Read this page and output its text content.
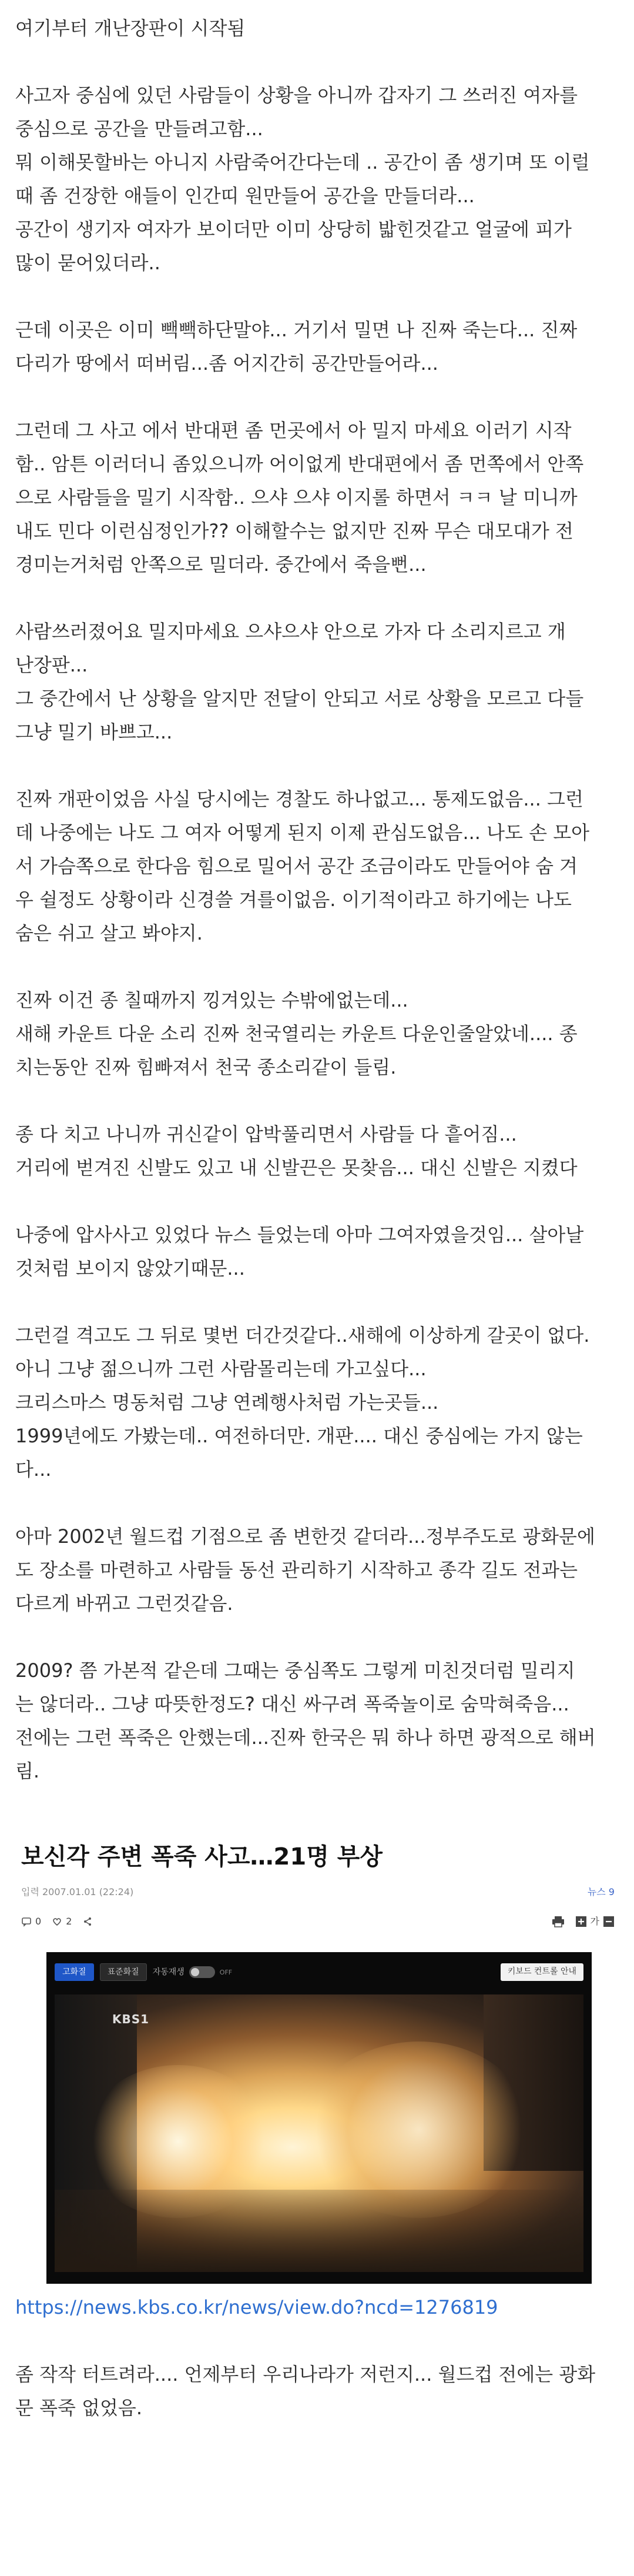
여기부터 개난장판이 시작됨
사고자 중심에 있던 사람들이 상황을 아니까 갑자기 그 쓰러진 여자를
중심으로 공간을 만들려고함...
뭐 이해못할바는 아니지 사람죽어간다는데 .. 공간이 좀 생기며 또 이럴
때 좀 건장한 애들이 인간띠 원만들어 공간을 만들더라...
공간이 생기자 여자가 보이더만 이미 상당히 밟힌것같고 얼굴에 피가
많이 묻어있더라..
근데 이곳은 이미 빽빽하단말야... 거기서 밀면 나 진짜 죽는다... 진짜
다리가 땅에서 떠버림...좀 어지간히 공간만들어라...
그런데 그 사고 에서 반대편 좀 먼곳에서 아 밀지 마세요 이러기 시작
함.. 암튼 이러더니 좀있으니까 어이없게 반대편에서 좀 먼쪽에서 안쪽
으로 사람들을 밀기 시작함.. 으샤 으샤 이지롤 하면서 ㅋㅋ 날 미니까
내도 민다 이런심정인가?? 이해할수는 없지만 진짜 무슨 대모대가 전
경미는거처럼 안쪽으로 밀더라. 중간에서 죽을뻔...
사람쓰러졌어요 밀지마세요 으샤으샤 안으로 가자 다 소리지르고 개
난장판...
그 중간에서 난 상황을 알지만 전달이 안되고 서로 상황을 모르고 다들
그냥 밀기 바쁘고...
진짜 개판이었음 사실 당시에는 경찰도 하나없고... 통제도없음... 그런
데 나중에는 나도 그 여자 어떻게 된지 이제 관심도없음... 나도 손 모아
서 가슴쪽으로 한다음 힘으로 밀어서 공간 조금이라도 만들어야 숨 겨
우 쉴정도 상황이라 신경쓸 겨를이없음. 이기적이라고 하기에는 나도
숨은 쉬고 살고 봐야지.
진짜 이건 종 칠때까지 낑겨있는 수밖에없는데...
새해 카운트 다운 소리 진짜 천국열리는 카운트 다운인줄알았네.... 종
치는동안 진짜 힘빠져서 천국 종소리같이 들림.
종 다 치고 나니까 귀신같이 압박풀리면서 사람들 다 흩어짐...
거리에 벋겨진 신발도 있고 내 신발끈은 못찾음... 대신 신발은 지켰다
나중에 압사사고 있었다 뉴스 들었는데 아마 그여자였을것임... 살아날
것처럼 보이지 않았기때문...
그런걸 격고도 그 뒤로 몇번 더간것같다..새해에 이상하게 갈곳이 없다.
아니 그냥 젊으니까 그런 사람몰리는데 가고싶다...
크리스마스 명동처럼 그냥 연례행사처럼 가는곳들...
1999년에도 가봤는데.. 여전하더만. 개판.... 대신 중심에는 가지 않는
다...
아마 2002년 월드컵 기점으로 좀 변한것 같더라...정부주도로 광화문에
도 장소를 마련하고 사람들 동선 관리하기 시작하고 종각 길도 전과는
다르게 바뀌고 그런것같음.
2009? 쯤 가본적 같은데 그때는 중심쪽도 그렇게 미친것더럼 밀리지
는 않더라.. 그냥 따뜻한정도? 대신 싸구려 폭죽놀이로 숨막혀죽음...
전에는 그런 폭죽은 안했는데...진짜 한국은 뭐 하나 하면 광적으로 해버
림.
보신각 주변 폭죽 사고…21명 부상
입력 2007.01.01 (22:24)	뉴스 9
0	2	가
고화질	표준화질	자동재생	OFF	키보드 컨트롤 안내
KBS1
https://news.kbs.co.kr/news/view.do?ncd=1276819
좀 작작 터트려라.... 언제부터 우리나라가 저런지... 월드컵 전에는 광화
문 폭죽 없었음.
